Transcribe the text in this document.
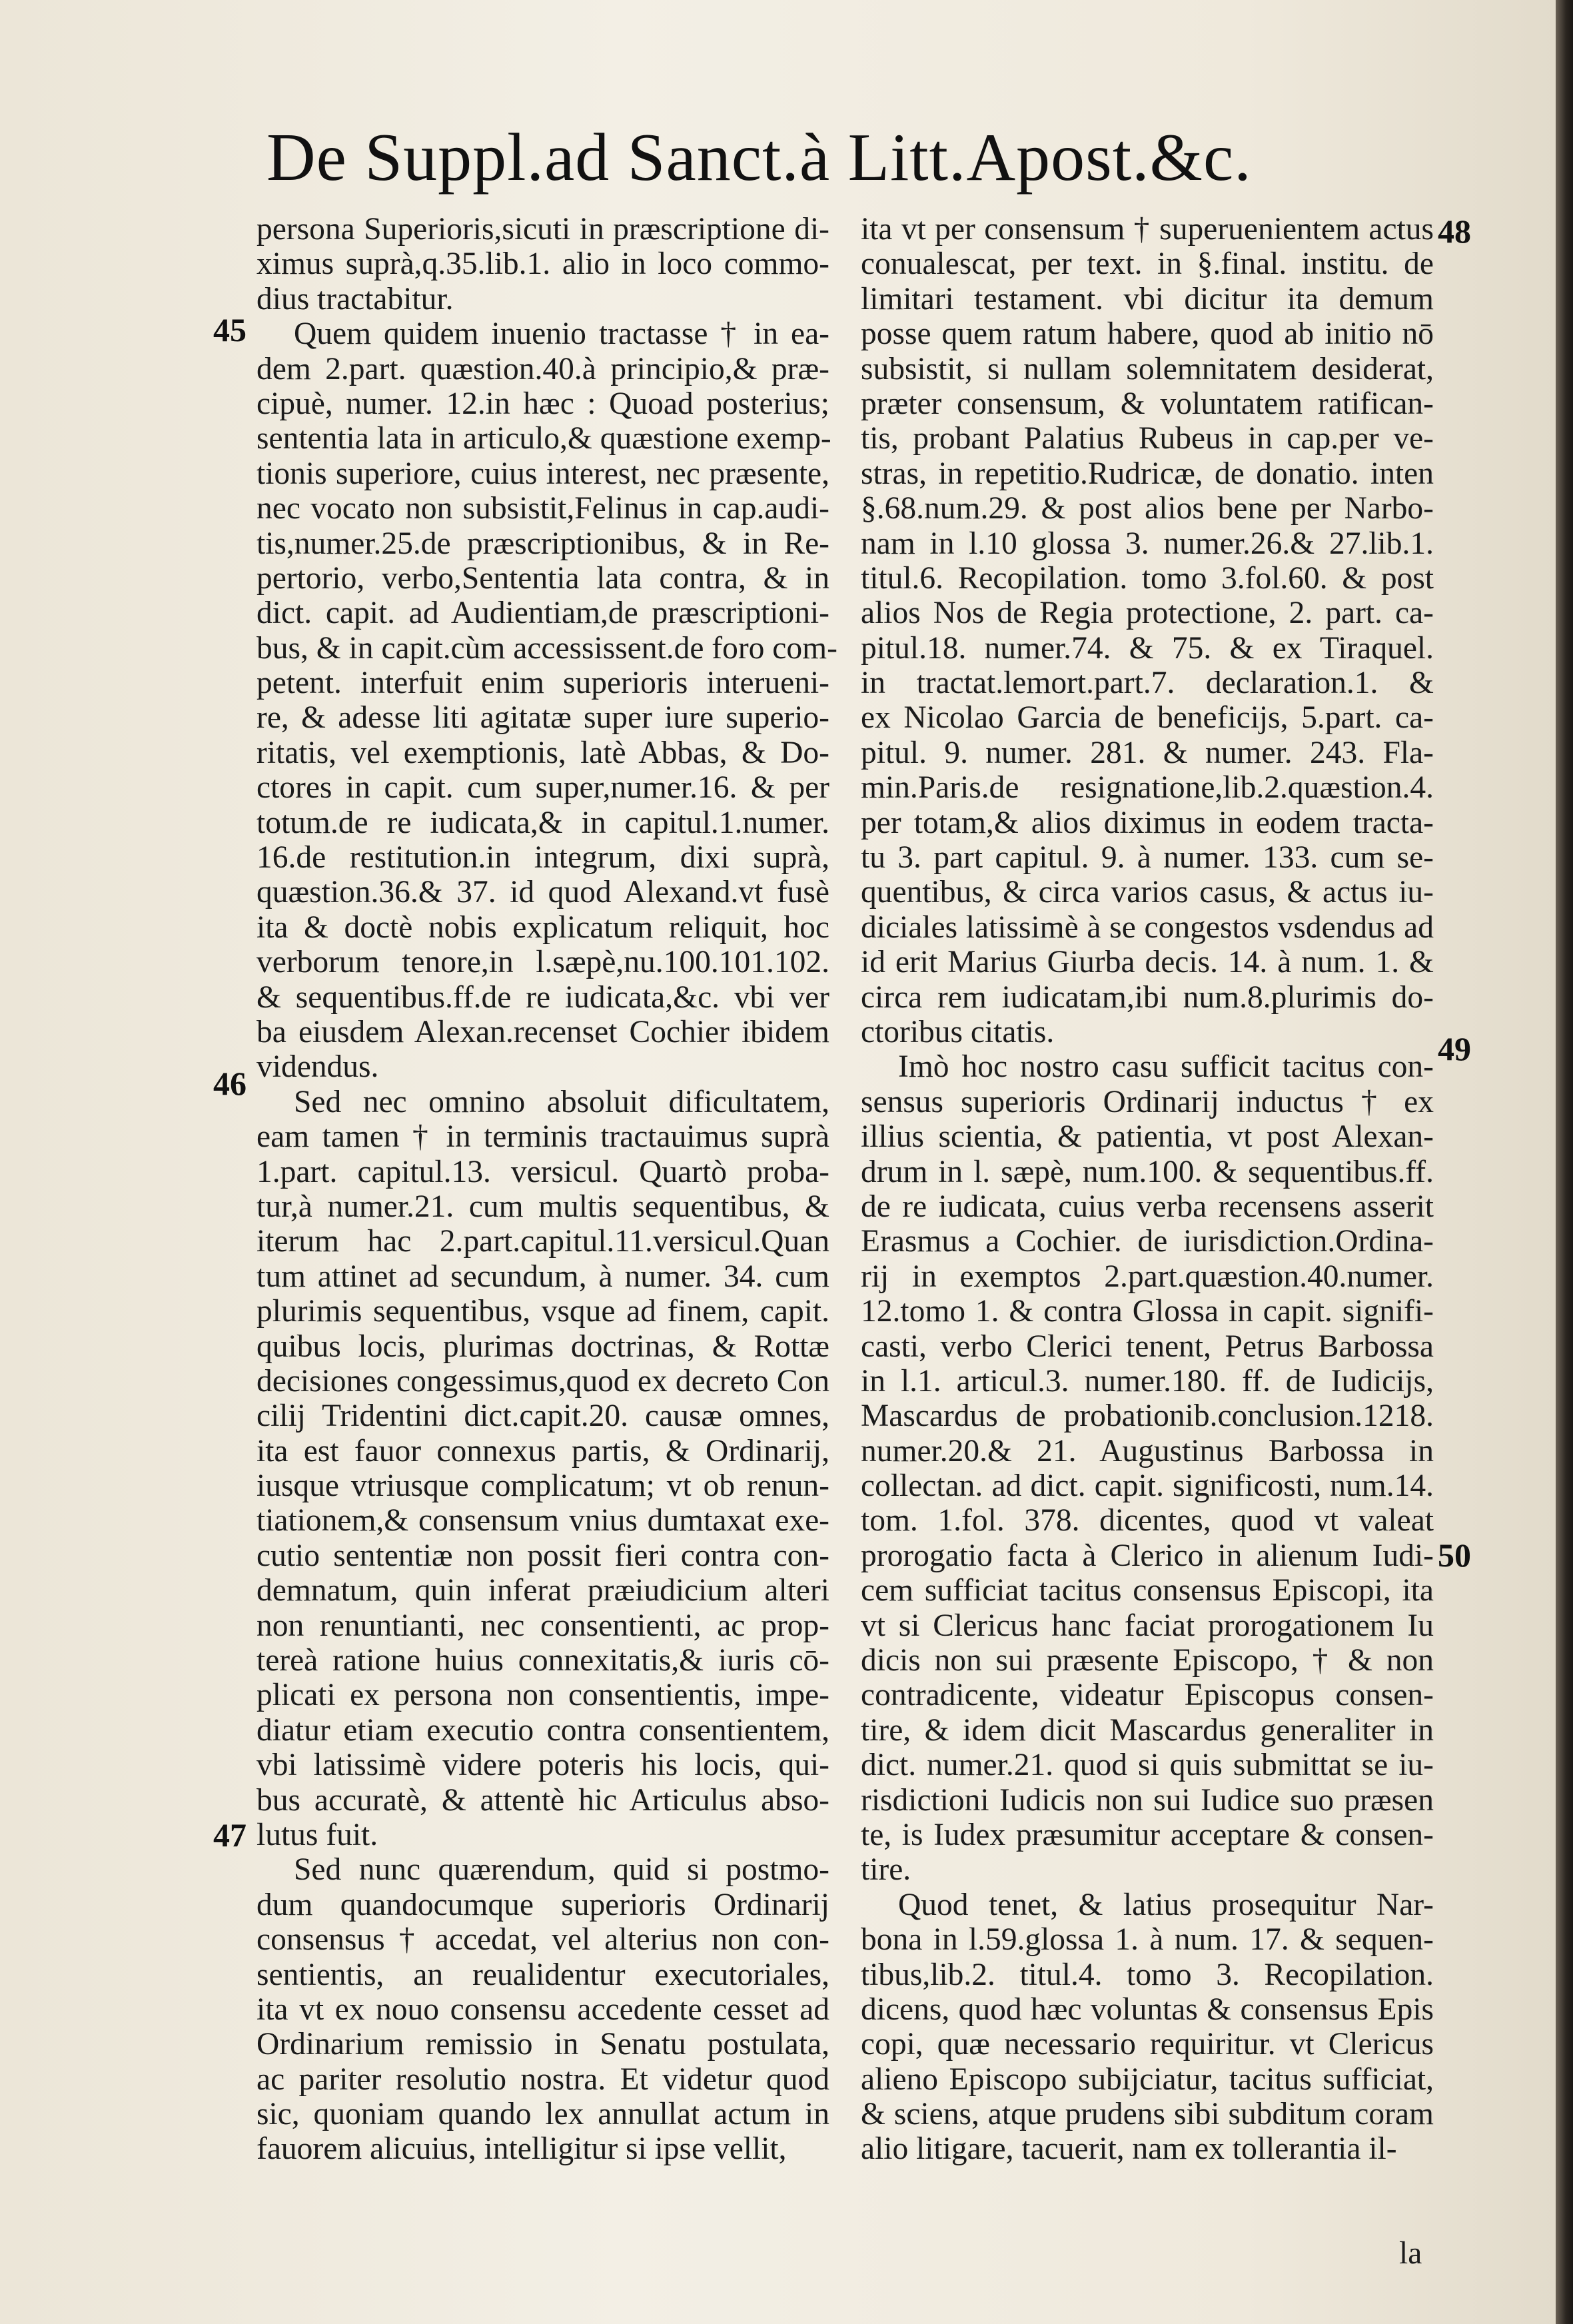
De Suppl.ad Sanct.à Litt.Apost.&c.
persona Superioris,sicuti in præscriptione di-
ximus suprà,q.35.lib.1. alio in loco commo-
dius tractabitur.
Quem quidem inuenio tractasse † in ea-
dem 2.part. quæstion.40.à principio,& præ-
cipuè, numer. 12.in hæc : Quoad posterius;
sententia lata in articulo,& quæstione exemp-
tionis superiore, cuius interest, nec præsente,
nec vocato non subsistit,Felinus in cap.audi-
tis,numer.25.de præscriptionibus, & in Re-
pertorio, verbo,Sententia lata contra, & in
dict. capit. ad Audientiam,de præscriptioni-
bus, & in capit.cùm accessissent.de foro com-
petent. interfuit enim superioris interueni-
re, & adesse liti agitatæ super iure superio-
ritatis, vel exemptionis, latè Abbas, & Do-
ctores in capit. cum super,numer.16. & per
totum.de re iudicata,& in capitul.1.numer.
16.de restitution.in integrum, dixi suprà,
quæstion.36.& 37. id quod Alexand.vt fusè
ita & doctè nobis explicatum reliquit, hoc
verborum tenore,in l.sæpè,nu.100.101.102.
& sequentibus.ff.de re iudicata,&c. vbi ver
ba eiusdem Alexan.recenset Cochier ibidem
videndus.
Sed nec omnino absoluit dificultatem,
eam tamen † in terminis tractauimus suprà
1.part. capitul.13. versicul. Quartò proba-
tur,à numer.21. cum multis sequentibus, &
iterum hac 2.part.capitul.11.versicul.Quan
tum attinet ad secundum, à numer. 34. cum
plurimis sequentibus, vsque ad finem, capit.
quibus locis, plurimas doctrinas, & Rottæ
decisiones congessimus,quod ex decreto Con
cilij Tridentini dict.capit.20. causæ omnes,
ita est fauor connexus partis, & Ordinarij,
iusque vtriusque complicatum; vt ob renun-
tiationem,& consensum vnius dumtaxat exe-
cutio sententiæ non possit fieri contra con-
demnatum, quin inferat præiudicium alteri
non renuntianti, nec consentienti, ac prop-
tereà ratione huius connexitatis,& iuris cō-
plicati ex persona non consentientis, impe-
diatur etiam executio contra consentientem,
vbi latissimè videre poteris his locis, qui-
bus accuratè, & attentè hic Articulus abso-
lutus fuit.
Sed nunc quærendum, quid si postmo-
dum quandocumque superioris Ordinarij
consensus † accedat, vel alterius non con-
sentientis, an reualidentur executoriales,
ita vt ex nouo consensu accedente cesset ad
Ordinarium remissio in Senatu postulata,
ac pariter resolutio nostra. Et videtur quod
sic, quoniam quando lex annullat actum in
fauorem alicuius, intelligitur si ipse vellit,
ita vt per consensum † superuenientem actus
conualescat, per text. in §.final. institu. de
limitari testament. vbi dicitur ita demum
posse quem ratum habere, quod ab initio nō
subsistit, si nullam solemnitatem desiderat,
præter consensum, & voluntatem ratifican-
tis, probant Palatius Rubeus in cap.per ve-
stras, in repetitio.Rudricæ, de donatio. inten
§.68.num.29. & post alios bene per Narbo-
nam in l.10 glossa 3. numer.26.& 27.lib.1.
titul.6. Recopilation. tomo 3.fol.60. & post
alios Nos de Regia protectione, 2. part. ca-
pitul.18. numer.74. & 75. & ex Tiraquel.
in tractat.lemort.part.7. declaration.1. &
ex Nicolao Garcia de beneficijs, 5.part. ca-
pitul. 9. numer. 281. & numer. 243. Fla-
min.Paris.de resignatione,lib.2.quæstion.4.
per totam,& alios diximus in eodem tracta-
tu 3. part capitul. 9. à numer. 133. cum se-
quentibus, & circa varios casus, & actus iu-
diciales latissimè à se congestos vsdendus ad
id erit Marius Giurba decis. 14. à num. 1. &
circa rem iudicatam,ibi num.8.plurimis do-
ctoribus citatis.
Imò hoc nostro casu sufficit tacitus con-
sensus superioris Ordinarij inductus † ex
illius scientia, & patientia, vt post Alexan-
drum in l. sæpè, num.100. & sequentibus.ff.
de re iudicata, cuius verba recensens asserit
Erasmus a Cochier. de iurisdiction.Ordina-
rij in exemptos 2.part.quæstion.40.numer.
12.tomo 1. & contra Glossa in capit. signifi-
casti, verbo Clerici tenent, Petrus Barbossa
in l.1. articul.3. numer.180. ff. de Iudicijs,
Mascardus de probationib.conclusion.1218.
numer.20.& 21. Augustinus Barbossa in
collectan. ad dict. capit. significosti, num.14.
tom. 1.fol. 378. dicentes, quod vt valeat
prorogatio facta à Clerico in alienum Iudi-
cem sufficiat tacitus consensus Episcopi, ita
vt si Clericus hanc faciat prorogationem Iu
dicis non sui præsente Episcopo, † & non
contradicente, videatur Episcopus consen-
tire, & idem dicit Mascardus generaliter in
dict. numer.21. quod si quis submittat se iu-
risdictioni Iudicis non sui Iudice suo præsen
te, is Iudex præsumitur acceptare & consen-
tire.
Quod tenet, & latius prosequitur Nar-
bona in l.59.glossa 1. à num. 17. & sequen-
tibus,lib.2. titul.4. tomo 3. Recopilation.
dicens, quod hæc voluntas & consensus Epis
copi, quæ necessario requiritur. vt Clericus
alieno Episcopo subijciatur, tacitus sufficiat,
& sciens, atque prudens sibi subditum coram
alio litigare, tacuerit, nam ex tollerantia il-
45
46
47
48
49
50
la
